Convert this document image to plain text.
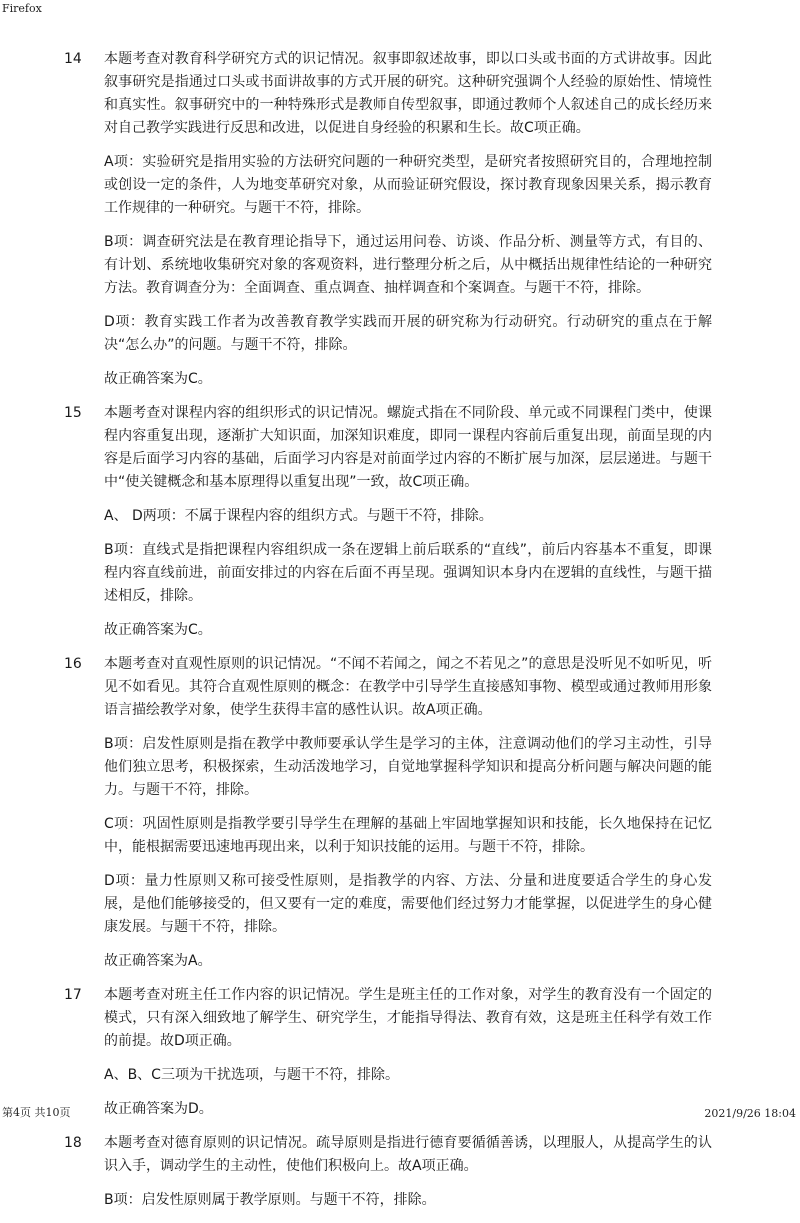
Firefox
14 本题考查对教育科学研究方式的识记情况。叙事即叙述故事，即以口头或书面的方式讲故事。因此叙事研究是指通过口头或书面讲故事的方式开展的研究。这种研究强调个人经验的原始性、情境性和真实性。叙事研究中的一种特殊形式是教师自传型叙事，即通过教师个人叙述自己的成长经历来对自己教学实践进行反思和改进，以促进自身经验的积累和生长。故C项正确。

A项：实验研究是指用实验的方法研究问题的一种研究类型，是研究者按照研究目的，合理地控制或创设一定的条件，人为地变革研究对象，从而验证研究假设，探讨教育现象因果关系，揭示教育工作规律的一种研究。与题干不符，排除。

B项：调查研究法是在教育理论指导下，通过运用问卷、访谈、作品分析、测量等方式，有目的、有计划、系统地收集研究对象的客观资料，进行整理分析之后，从中概括出规律性结论的一种研究方法。教育调查分为：全面调查、重点调查、抽样调查和个案调查。与题干不符，排除。

D项：教育实践工作者为改善教育教学实践而开展的研究称为行动研究。行动研究的重点在于解决“怎么办”的问题。与题干不符，排除。

故正确答案为C。

15 本题考查对课程内容的组织形式的识记情况。螺旋式指在不同阶段、单元或不同课程门类中，使课程内容重复出现，逐渐扩大知识面，加深知识难度，即同一课程内容前后重复出现，前面呈现的内容是后面学习内容的基础，后面学习内容是对前面学过内容的不断扩展与加深，层层递进。与题干中“使关键概念和基本原理得以重复出现”一致，故C项正确。

A、 D两项：不属于课程内容的组织方式。与题干不符，排除。

B项：直线式是指把课程内容组织成一条在逻辑上前后联系的“直线”，前后内容基本不重复，即课程内容直线前进，前面安排过的内容在后面不再呈现。强调知识本身内在逻辑的直线性，与题干描述相反，排除。

故正确答案为C。

16 本题考查对直观性原则的识记情况。“不闻不若闻之，闻之不若见之”的意思是没听见不如听见，听见不如看见。其符合直观性原则的概念：在教学中引导学生直接感知事物、模型或通过教师用形象语言描绘教学对象，使学生获得丰富的感性认识。故A项正确。

B项：启发性原则是指在教学中教师要承认学生是学习的主体，注意调动他们的学习主动性，引导他们独立思考，积极探索，生动活泼地学习，自觉地掌握科学知识和提高分析问题与解决问题的能力。与题干不符，排除。

C项：巩固性原则是指教学要引导学生在理解的基础上牢固地掌握知识和技能，长久地保持在记忆中，能根据需要迅速地再现出来，以利于知识技能的运用。与题干不符，排除。

D项：量力性原则又称可接受性原则，是指教学的内容、方法、分量和进度要适合学生的身心发展，是他们能够接受的，但又要有一定的难度，需要他们经过努力才能掌握，以促进学生的身心健康发展。与题干不符，排除。

故正确答案为A。

17 本题考查对班主任工作内容的识记情况。学生是班主任的工作对象，对学生的教育没有一个固定的模式，只有深入细致地了解学生、研究学生，才能指导得法、教育有效，这是班主任科学有效工作的前提。故D项正确。

A、B、C三项为干扰选项，与题干不符，排除。

故正确答案为D。

18 本题考查对德育原则的识记情况。疏导原则是指进行德育要循循善诱，以理服人，从提高学生的认识入手，调动学生的主动性，使他们积极向上。故A项正确。

B项：启发性原则属于教学原则。与题干不符，排除。

第4页 共10页	2021/9/26 18:04
